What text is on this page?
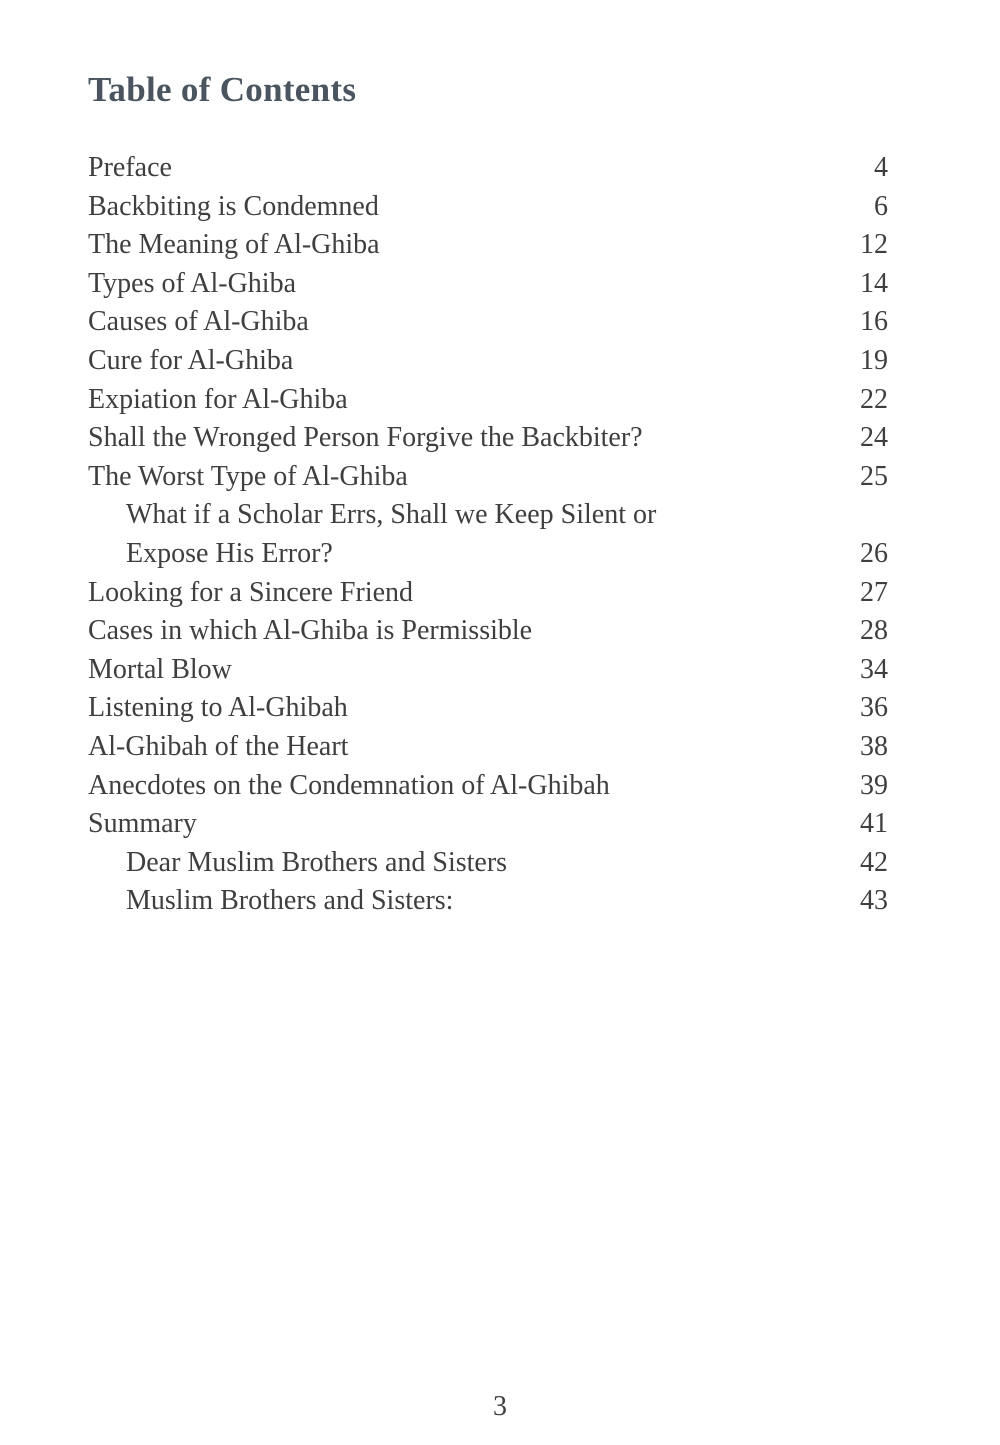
Table of Contents
Preface	4
Backbiting is Condemned	6
The Meaning of Al-Ghiba	12
Types of Al-Ghiba	14
Causes of Al-Ghiba	16
Cure for Al-Ghiba	19
Expiation for Al-Ghiba	22
Shall the Wronged Person Forgive the Backbiter?	24
The Worst Type of Al-Ghiba	25
What if a Scholar Errs, Shall we Keep Silent or
Expose His Error?	26
Looking for a Sincere Friend	27
Cases in which Al-Ghiba is Permissible	28
Mortal Blow	34
Listening to Al-Ghibah	36
Al-Ghibah of the Heart	38
Anecdotes on the Condemnation of Al-Ghibah	39
Summary	41
Dear Muslim Brothers and Sisters	42
Muslim Brothers and Sisters:	43
3
